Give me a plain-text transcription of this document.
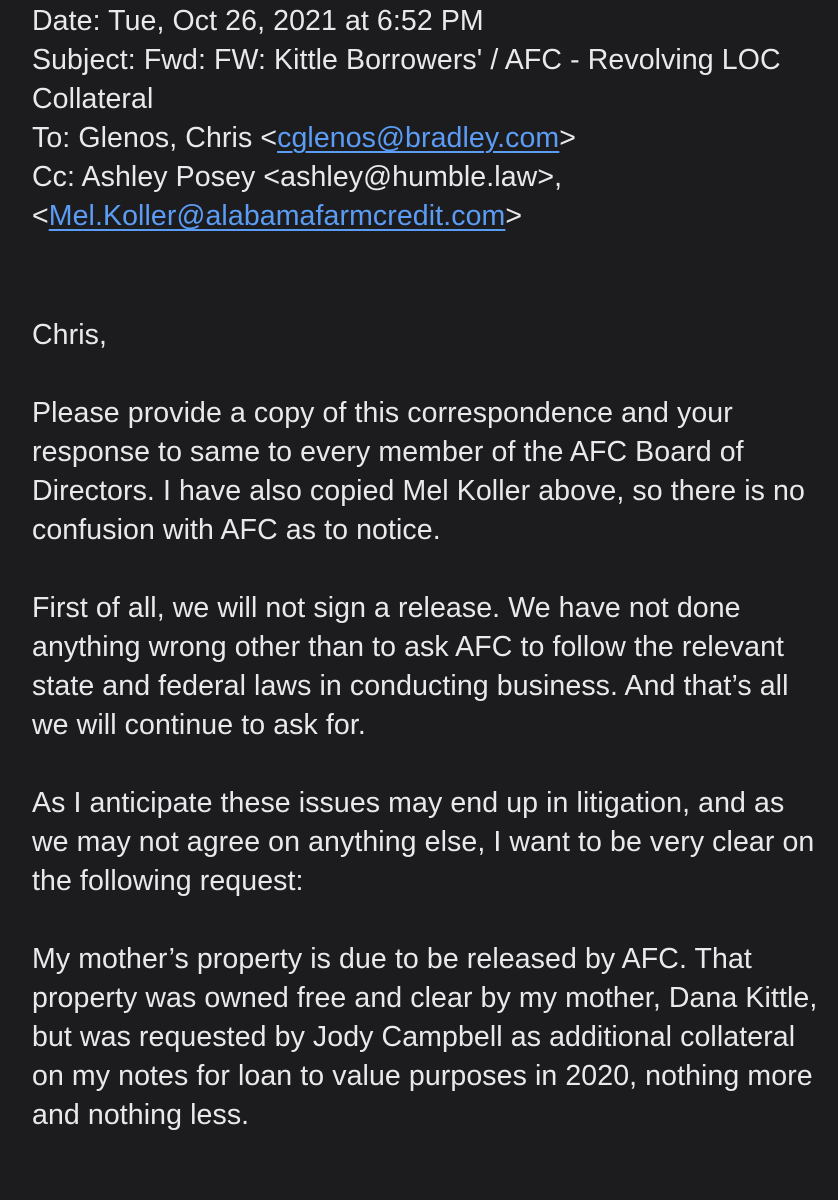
Date: Tue, Oct 26, 2021 at 6:52 PM
Subject: Fwd: FW: Kittle Borrowers' / AFC - Revolving LOC Collateral
To: Glenos, Chris <cglenos@bradley.com>
Cc: Ashley Posey <ashley@humble.law>,
<Mel.Koller@alabamafarmcredit.com>

Chris,

Please provide a copy of this correspondence and your response to same to every member of the AFC Board of Directors. I have also copied Mel Koller above, so there is no confusion with AFC as to notice.

First of all, we will not sign a release. We have not done anything wrong other than to ask AFC to follow the relevant state and federal laws in conducting business. And that’s all we will continue to ask for.

As I anticipate these issues may end up in litigation, and as we may not agree on anything else, I want to be very clear on the following request:

My mother’s property is due to be released by AFC. That property was owned free and clear by my mother, Dana Kittle, but was requested by Jody Campbell as additional collateral on my notes for loan to value purposes in 2020, nothing more and nothing less.
